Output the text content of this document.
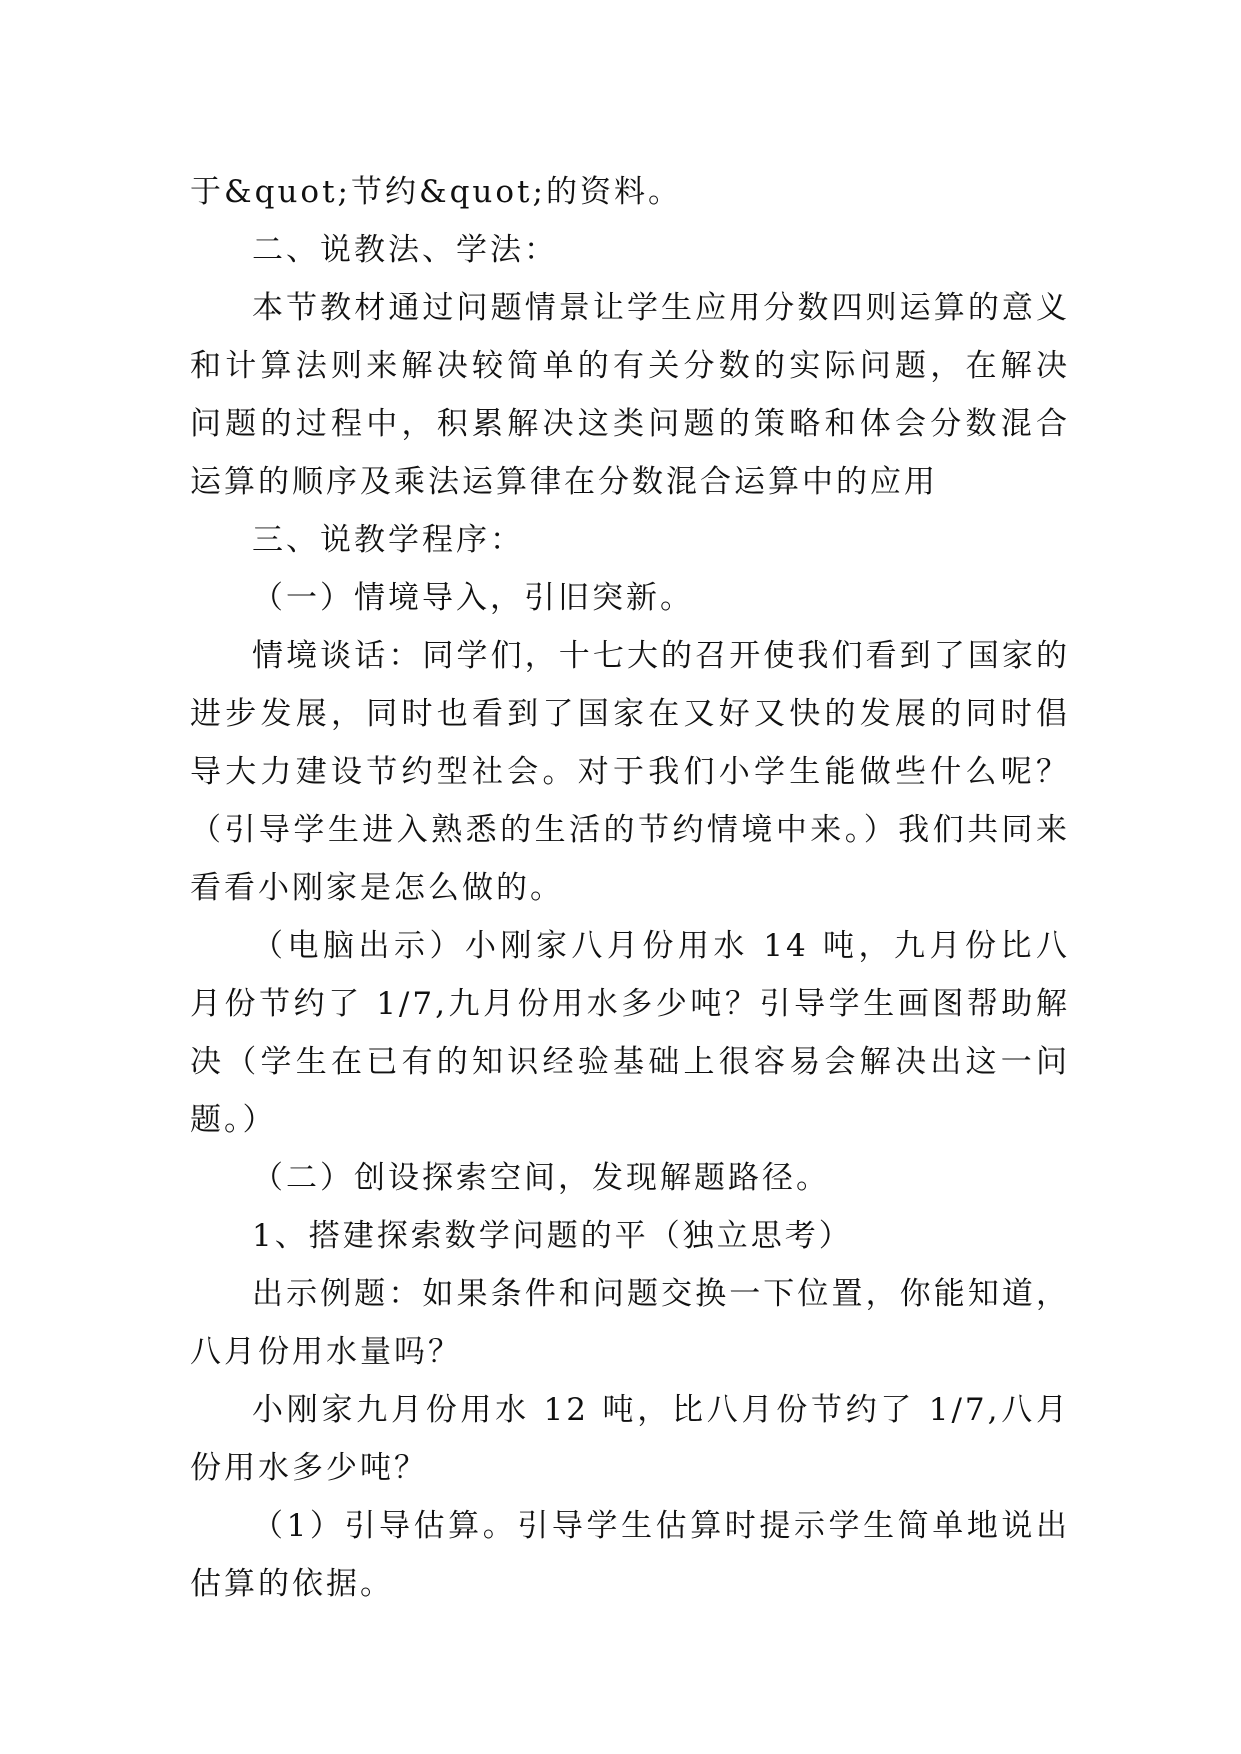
于&quot;节约&quot;的资料。

二、说教法、学法：

本节教材通过问题情景让学生应用分数四则运算的意义和计算法则来解决较简单的有关分数的实际问题，在解决问题的过程中，积累解决这类问题的策略和体会分数混合运算的顺序及乘法运算律在分数混合运算中的应用

三、说教学程序：

（一）情境导入，引旧突新。

情境谈话：同学们，十七大的召开使我们看到了国家的进步发展，同时也看到了国家在又好又快的发展的同时倡导大力建设节约型社会。对于我们小学生能做些什么呢？（引导学生进入熟悉的生活的节约情境中来。）我们共同来看看小刚家是怎么做的。

（电脑出示）小刚家八月份用水 14 吨，九月份比八月份节约了 1/7,九月份用水多少吨？引导学生画图帮助解决（学生在已有的知识经验基础上很容易会解决出这一问题。）

（二）创设探索空间，发现解题路径。

1、搭建探索数学问题的平（独立思考）

出示例题：如果条件和问题交换一下位置，你能知道，八月份用水量吗？

小刚家九月份用水 12 吨，比八月份节约了 1/7,八月份用水多少吨？

（1）引导估算。引导学生估算时提示学生简单地说出估算的依据。
